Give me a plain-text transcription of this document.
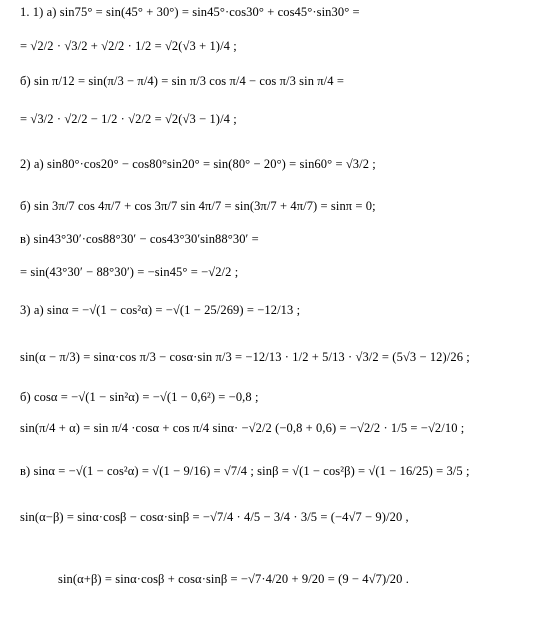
1. 1) а) sin75° = sin(45° + 30°) = sin45°·cos30° + cos45°·sin30° =
= √2/2 · √3/2 + √2/2 · 1/2 = √2(√3 + 1)/4 ;
б) sin π/12 = sin(π/3 − π/4) = sin π/3 cos π/4 − cos π/3 sin π/4 =
= √3/2 · √2/2 − 1/2 · √2/2 = √2(√3 − 1)/4 ;
2) а) sin80°·cos20° − cos80°sin20° = sin(80° − 20°) = sin60° = √3/2 ;
б) sin 3π/7 cos 4π/7 + cos 3π/7 sin 4π/7 = sin(3π/7 + 4π/7) = sinπ = 0;
в) sin43°30′·cos88°30′ − cos43°30′sin88°30′ =
= sin(43°30′ − 88°30′) = −sin45° = −√2/2 ;
3) а) sinα = −√(1 − cos²α) = −√(1 − 25/269) = −12/13 ;
sin(α − π/3) = sinα·cos π/3 − cosα·sin π/3 = −12/13 · 1/2 + 5/13 · √3/2 = (5√3 − 12)/26 ;
б) cosα = −√(1 − sin²α) = −√(1 − 0,6²) = −0,8 ;
sin(π/4 + α) = sin π/4 ·cosα + cos π/4 sinα· −√2/2 (−0,8 + 0,6) = −√2/2 · 1/5 = −√2/10 ;
в) sinα = −√(1 − cos²α) = √(1 − 9/16) = √7/4 ; sinβ = √(1 − cos²β) = √(1 − 16/25) = 3/5 ;
sin(α−β) = sinα·cosβ − cosα·sinβ = −√7/4 · 4/5 − 3/4 · 3/5 = (−4√7 − 9)/20 ,
sin(α+β) = sinα·cosβ + cosα·sinβ = −√7·4/20 + 9/20 = (9 − 4√7)/20 .
